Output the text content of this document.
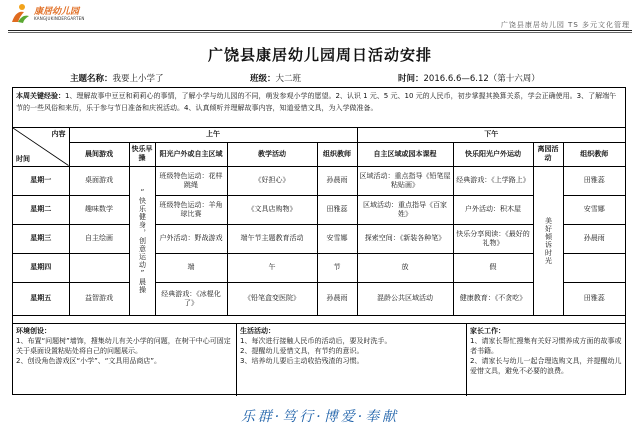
康居幼儿园
KANGJUKINDERGARTEN
广饶县康居幼儿园 TS 多元文化管理
广饶县康居幼儿园周日活动安排
主题名称：我要上小学了	班级：大二班	时间：2016.6.6—6.12（第十六周）
本周关键经验：1、理解故事中豆豆和莉莉心的事情，了解小学与幼儿园的不同，萌发参观小学的愿望。2、认识 1 元、5 元、10 元的人民币，初步掌握其换算关系，学会正确使用。3、了解端午节的一些风俗和来历，乐于参与节日准备和庆祝活动。4、认真倾听并理解故事内容，知道爱惜文具，为入学做准备。
内容
时间	上午					下午			
	晨间游戏	快乐早操	阳光户外或自主区域	教学活动	组织教师	自主区域或园本课程	快乐阳光户外运动	离园活动	组织教师
星期一	桌面游戏	“快乐健身，创意运动”晨操	班级特色运动：花样跳绳	《好担心》	孙晨雨	区域活动：重点指导《铅笔屋粘贴画》	经典游戏：《上学路上》	美好倾诉时光	田雅蕊
星期二	趣味数学		班级特色运动：羊角球比赛	《文具店购物》	田雅蕊	区域活动：重点指导《百家姓》	户外活动：积木屋		安雪娜
星期三	自主绘画		户外活动：野战游戏	端午节主题教育活动	安雪娜	探索空间：《新装各种笔》	快乐分享阅读：《最好的礼物》		孙晨雨
星期四			端	午	节	放	假		
星期五	益智游戏		经典游戏：《冰棍化了》	《铅笔盒变医院》	孙晨雨	混龄公共区域活动	健康教育：《不贪吃》		田雅蕊
环境创设：
1、布置“问题树”墙饰，搜集幼儿有关小学的问题，在树干中心可固定关于桌面设置粘贴处将自己的问题展示。
2、创设角色游戏区“小学”、“文具用品商店”。
生活活动：
1、每次进行接触人民币的活动后，要及时洗手。
2、提醒幼儿爱惜文具，有节约的意识。
3、培养幼儿要后主动收拾残渣的习惯。
家长工作：
1、请家长帮忙搜集有关好习惯养成方面的故事或者书籍。
2、请家长与幼儿一起合理选购文具，并提醒幼儿爱惜文具，避免不必要的浪费。
乐群·笃行·博爱·奉献
